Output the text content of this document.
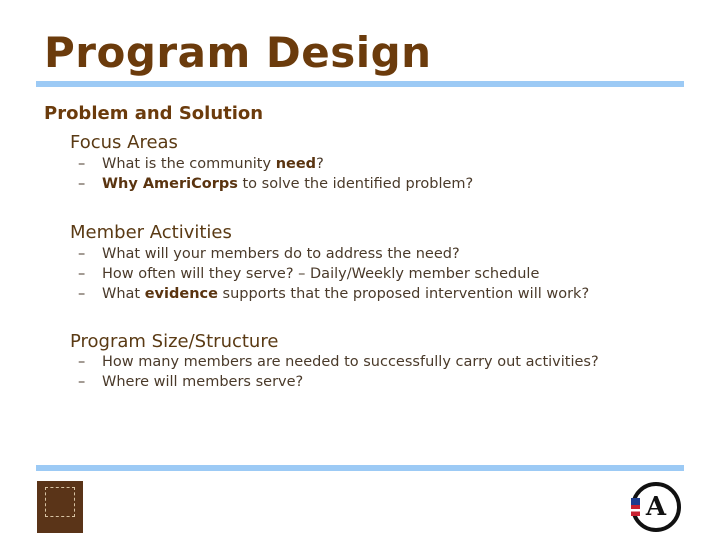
Program Design
Problem and Solution
Focus Areas
– What is the community need?
– Why AmeriCorps to solve the identified problem?
Member Activities
– What will your members do to address the need?
– How often will they serve? – Daily/Weekly member schedule
– What evidence supports that the proposed intervention will work?
Program Size/Structure
– How many members are needed to successfully carry out activities?
– Where will members serve?
A
